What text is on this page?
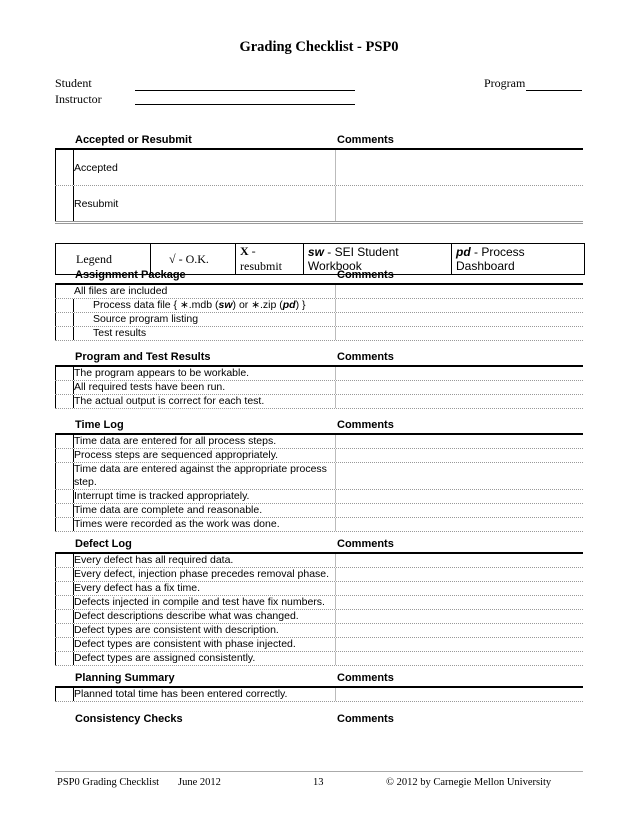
Grading Checklist - PSP0
Student	Program
Instructor
Accepted or Resubmit	Comments
Accepted
Resubmit
Legend	√ - O.K.	X - resubmit	sw - SEI Student Workbook	pd - Process Dashboard
Assignment Package	Comments
All files are included
Process data file { ∗.mdb (sw) or ∗.zip (pd) }
Source program listing
Test results
Program and Test Results	Comments
The program appears to be workable.
All required tests have been run.
The actual output is correct for each test.
Time Log	Comments
Time data are entered for all process steps.
Process steps are sequenced appropriately.
Time data are entered against the appropriate process step.
Interrupt time is tracked appropriately.
Time data are complete and reasonable.
Times were recorded as the work was done.
Defect Log	Comments
Every defect has all required data.
Every defect, injection phase precedes removal phase.
Every defect has a fix time.
Defects injected in compile and test have fix numbers.
Defect descriptions describe what was changed.
Defect types are consistent with description.
Defect types are consistent with phase injected.
Defect types are assigned consistently.
Planning Summary	Comments
Planned total time has been entered correctly.
Consistency Checks	Comments
PSP0 Grading Checklist June 2012	13	© 2012 by Carnegie Mellon University
